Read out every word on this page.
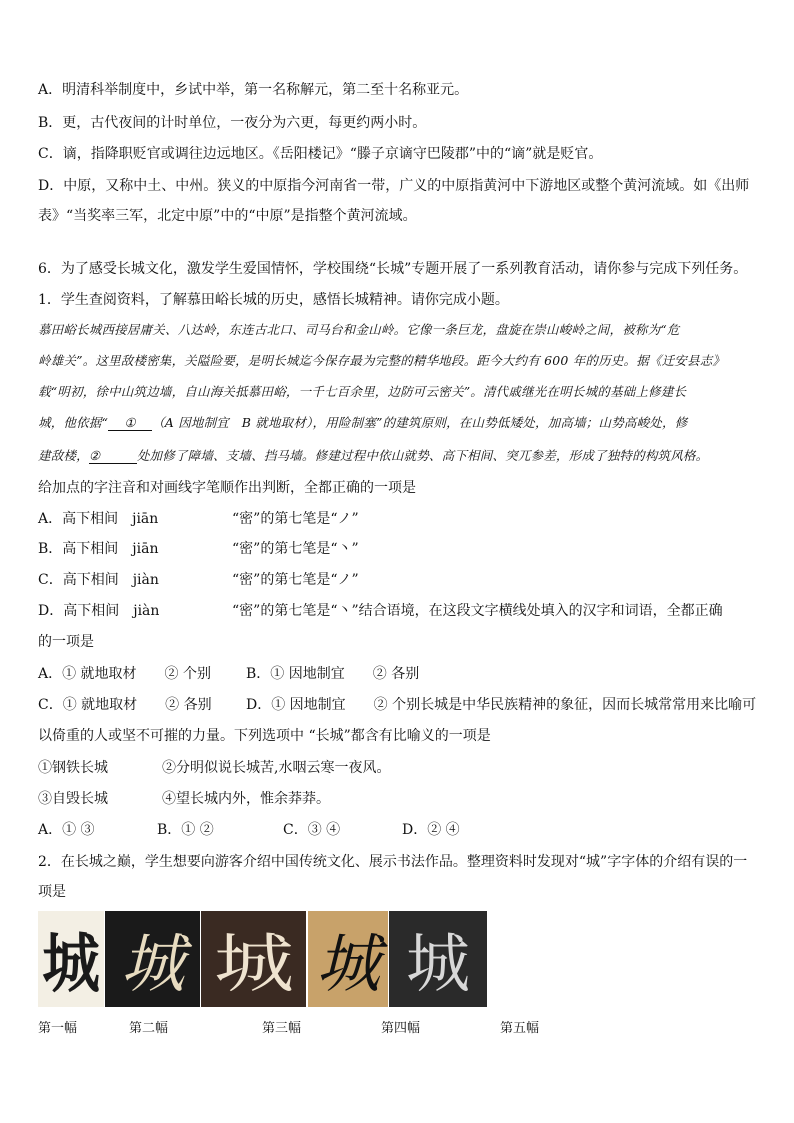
A．明清科举制度中，乡试中举，第一名称解元，第二至十名称亚元。
B．更，古代夜间的计时单位，一夜分为六更，每更约两小时。
C．谪，指降职贬官或调往边远地区。《岳阳楼记》“滕子京谪守巴陵郡”中的“谪”就是贬官。
D．中原，又称中土、中州。狭义的中原指今河南省一带，广义的中原指黄河中下游地区或整个黄河流域。如《出师
表》“当奖率三军，北定中原”中的“中原”是指整个黄河流域。
6．为了感受长城文化，激发学生爱国情怀，学校围绕“长城”专题开展了一系列教育活动，请你参与完成下列任务。
1．学生查阅资料，了解慕田峪长城的历史，感悟长城精神。请你完成小题。
慕田峪长城西接居庸关、八达岭，东连古北口、司马台和金山岭。它像一条巨龙，盘旋在崇山峻岭之间，被称为“危
岭雄关”。这里敌楼密集，关隘险要，是明长城迄今保存最为完整的精华地段。距今大约有 600 年的历史。据《迁安县志》
载“明初，徐中山筑边墙，自山海关抵慕田峪，一千七百余里，边防可云密关”。清代戚继光在明长城的基础上修建长
城，他依据“ ① （A 因地制宜　B 就地取材），用险制塞”的建筑原则，在山势低矮处，加高墙；山势高峻处，修
建敌楼，②	处加修了障墙、支墙、挡马墙。修建过程中依山就势、高下相间、突兀参差，形成了独特的构筑风格。
给加点的字注音和对画线字笔顺作出判断，全都正确的一项是
A．高下相间　jiān	“密”的第七笔是“ノ”
B．高下相间　jiān	“密”的第七笔是“丶”
C．高下相间　jiàn	“密”的第七笔是“ノ”
D．高下相间　jiàn	“密”的第七笔是“丶”结合语境，在这段文字横线处填入的汉字和词语，全都正确
的一项是
A．① 就地取材　　② 个别 B．① 因地制宜　　② 各别
C．① 就地取材　　② 各别 D．① 因地制宜　　② 个别长城是中华民族精神的象征，因而长城常常用来比喻可
以倚重的人或坚不可摧的力量。下列选项中 “长城”都含有比喻义的一项是
①钢铁长城	②分明似说长城苦,水咽云寒一夜风。
③自毁长城	④望长城内外，惟余莽莽。
A．① ③	B．① ②	C．③ ④	D．② ④
2．在长城之巅，学生想要向游客介绍中国传统文化、展示书法作品。整理资料时发现对“城”字字体的介绍有误的一
项是
城 城 城 城 城
第一幅	第二幅	第三幅	第四幅	第五幅
